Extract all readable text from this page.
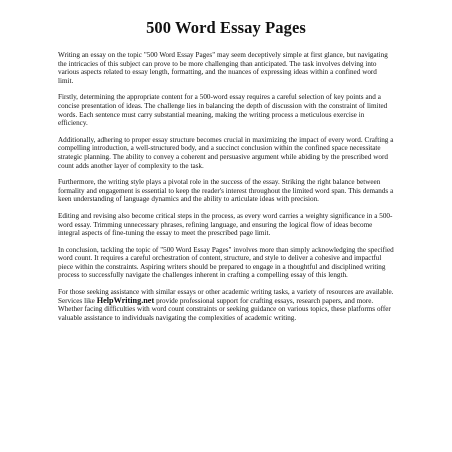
500 Word Essay Pages

Writing an essay on the topic "500 Word Essay Pages" may seem deceptively simple at first glance, but navigating the intricacies of this subject can prove to be more challenging than anticipated. The task involves delving into various aspects related to essay length, formatting, and the nuances of expressing ideas within a confined word limit.

Firstly, determining the appropriate content for a 500-word essay requires a careful selection of key points and a concise presentation of ideas. The challenge lies in balancing the depth of discussion with the constraint of limited words. Each sentence must carry substantial meaning, making the writing process a meticulous exercise in efficiency.

Additionally, adhering to proper essay structure becomes crucial in maximizing the impact of every word. Crafting a compelling introduction, a well-structured body, and a succinct conclusion within the confined space necessitate strategic planning. The ability to convey a coherent and persuasive argument while abiding by the prescribed word count adds another layer of complexity to the task.

Furthermore, the writing style plays a pivotal role in the success of the essay. Striking the right balance between formality and engagement is essential to keep the reader's interest throughout the limited word span. This demands a keen understanding of language dynamics and the ability to articulate ideas with precision.

Editing and revising also become critical steps in the process, as every word carries a weighty significance in a 500-word essay. Trimming unnecessary phrases, refining language, and ensuring the logical flow of ideas become integral aspects of fine-tuning the essay to meet the prescribed page limit.

In conclusion, tackling the topic of "500 Word Essay Pages" involves more than simply acknowledging the specified word count. It requires a careful orchestration of content, structure, and style to deliver a cohesive and impactful piece within the constraints. Aspiring writers should be prepared to engage in a thoughtful and disciplined writing process to successfully navigate the challenges inherent in crafting a compelling essay of this length.

For those seeking assistance with similar essays or other academic writing tasks, a variety of resources are available. Services like HelpWriting.net provide professional support for crafting essays, research papers, and more. Whether facing difficulties with word count constraints or seeking guidance on various topics, these platforms offer valuable assistance to individuals navigating the complexities of academic writing.
